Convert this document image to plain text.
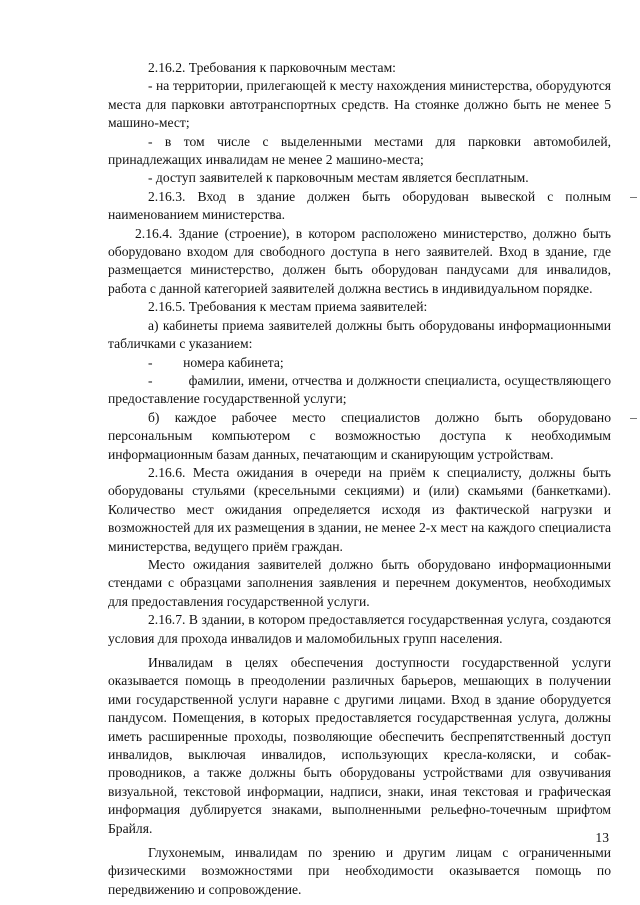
2.16.2. Требования к парковочным местам:

- на территории, прилегающей к месту нахождения министерства, оборудуются места для парковки автотранспортных средств. На стоянке должно быть не менее 5 машино-мест;

- в том числе с выделенными местами для парковки автомобилей, принадлежащих инвалидам не менее 2 машино-места;

- доступ заявителей к парковочным местам является бесплатным.

2.16.3. Вход в здание должен быть оборудован вывеской с полным наименованием министерства.

2.16.4. Здание (строение), в котором расположено министерство, должно быть оборудовано входом для свободного доступа в него заявителей. Вход в здание, где размещается министерство, должен быть оборудован пандусами для инвалидов, работа с данной категорией заявителей должна вестись в индивидуальном порядке.

2.16.5. Требования к местам приема заявителей:

а) кабинеты приема заявителей должны быть оборудованы информационными табличками с указанием:

-         номера кабинета;

-         фамилии, имени, отчества и должности специалиста, осуществляющего предоставление государственной услуги;

б) каждое рабочее место специалистов должно быть оборудовано персональным компьютером с возможностью доступа к необходимым информационным базам данных, печатающим и сканирующим устройствам.

2.16.6. Места ожидания в очереди на приём к специалисту, должны быть оборудованы стульями (кресельными секциями) и (или) скамьями (банкетками). Количество мест ожидания определяется исходя из фактической нагрузки и возможностей для их размещения в здании, не менее 2-х мест на каждого специалиста министерства, ведущего приём граждан.

Место ожидания заявителей должно быть оборудовано информационными стендами с образцами заполнения заявления и перечнем документов, необходимых для предоставления государственной услуги.

2.16.7. В здании, в котором предоставляется государственная услуга, создаются условия для прохода инвалидов и маломобильных групп населения.

Инвалидам в целях обеспечения доступности государственной услуги оказывается помощь в преодолении различных барьеров, мешающих в получении ими государственной услуги наравне с другими лицами. Вход в здание оборудуется пандусом. Помещения, в которых предоставляется государственная услуга, должны иметь расширенные проходы, позволяющие обеспечить беспрепятственный доступ инвалидов, выключая инвалидов, использующих кресла-коляски, и собак-проводников, а также должны быть оборудованы устройствами для озвучивания визуальной, текстовой информации, надписи, знаки, иная текстовая и графическая информация дублируется знаками, выполненными рельефно-точечным шрифтом Брайля.

Глухонемым, инвалидам по зрению и другим лицам с ограниченными физическими возможностями при необходимости оказывается помощь по передвижению и сопровождение.

13
